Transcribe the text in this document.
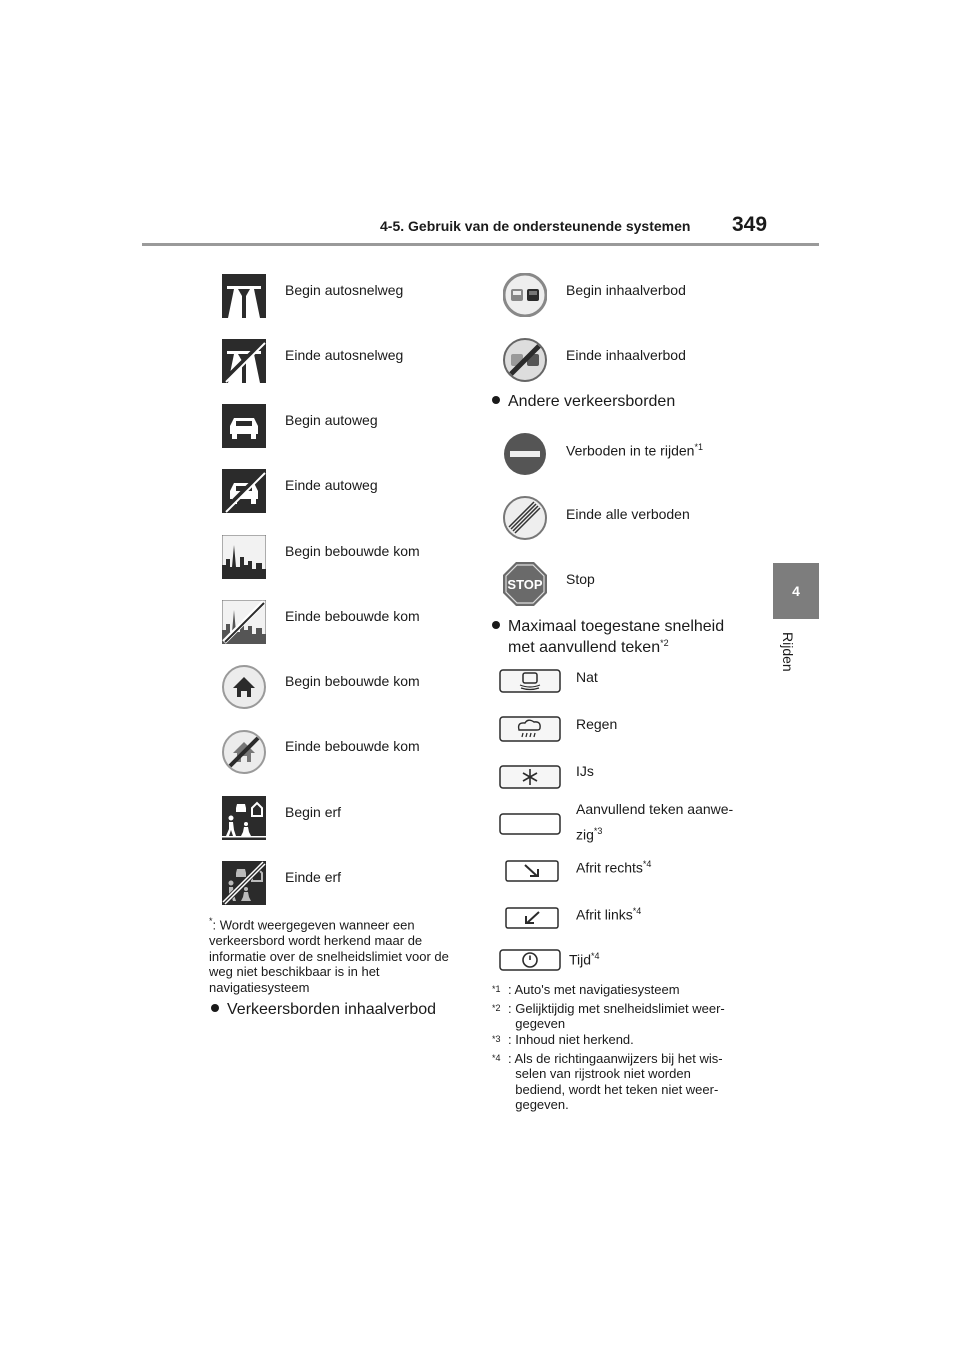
4-5. Gebruik van de ondersteunende systemen 349
4
Rijden
Begin autosnelweg
Einde autosnelweg
Begin autoweg
Einde autoweg
Begin bebouwde kom
Einde bebouwde kom
Begin bebouwde kom
Einde bebouwde kom
Begin erf
Einde erf
*: Wordt weergegeven wanneer een verkeersbord wordt herkend maar de informatie over de snelheidslimiet voor de weg niet beschikbaar is in het navigatiesysteem
Verkeersborden inhaalverbod
Begin inhaalverbod
Einde inhaalverbod
Andere verkeersborden
Verboden in te rijden$^{*1}$
Einde alle verboden
STOP Stop
Maximaal toegestane snelheid
met aanvullend teken$^{*2}$
Nat
Regen
IJs
Aanvullend teken aanwe-
zig$^{*3}$
Afrit rechts$^{*4}$
Afrit links$^{*4}$
Tijd$^{*4}$
$^{*1}$ : Auto's met navigatiesysteem
$^{*2}$ : Gelijktijdig met snelheidslimiet weer-
gegeven
$^{*3}$ : Inhoud niet herkend.
$^{*4}$ : Als de richtingaanwijzers bij het wis-
selen van rijstrook niet worden
bediend, wordt het teken niet weer-
gegeven.
